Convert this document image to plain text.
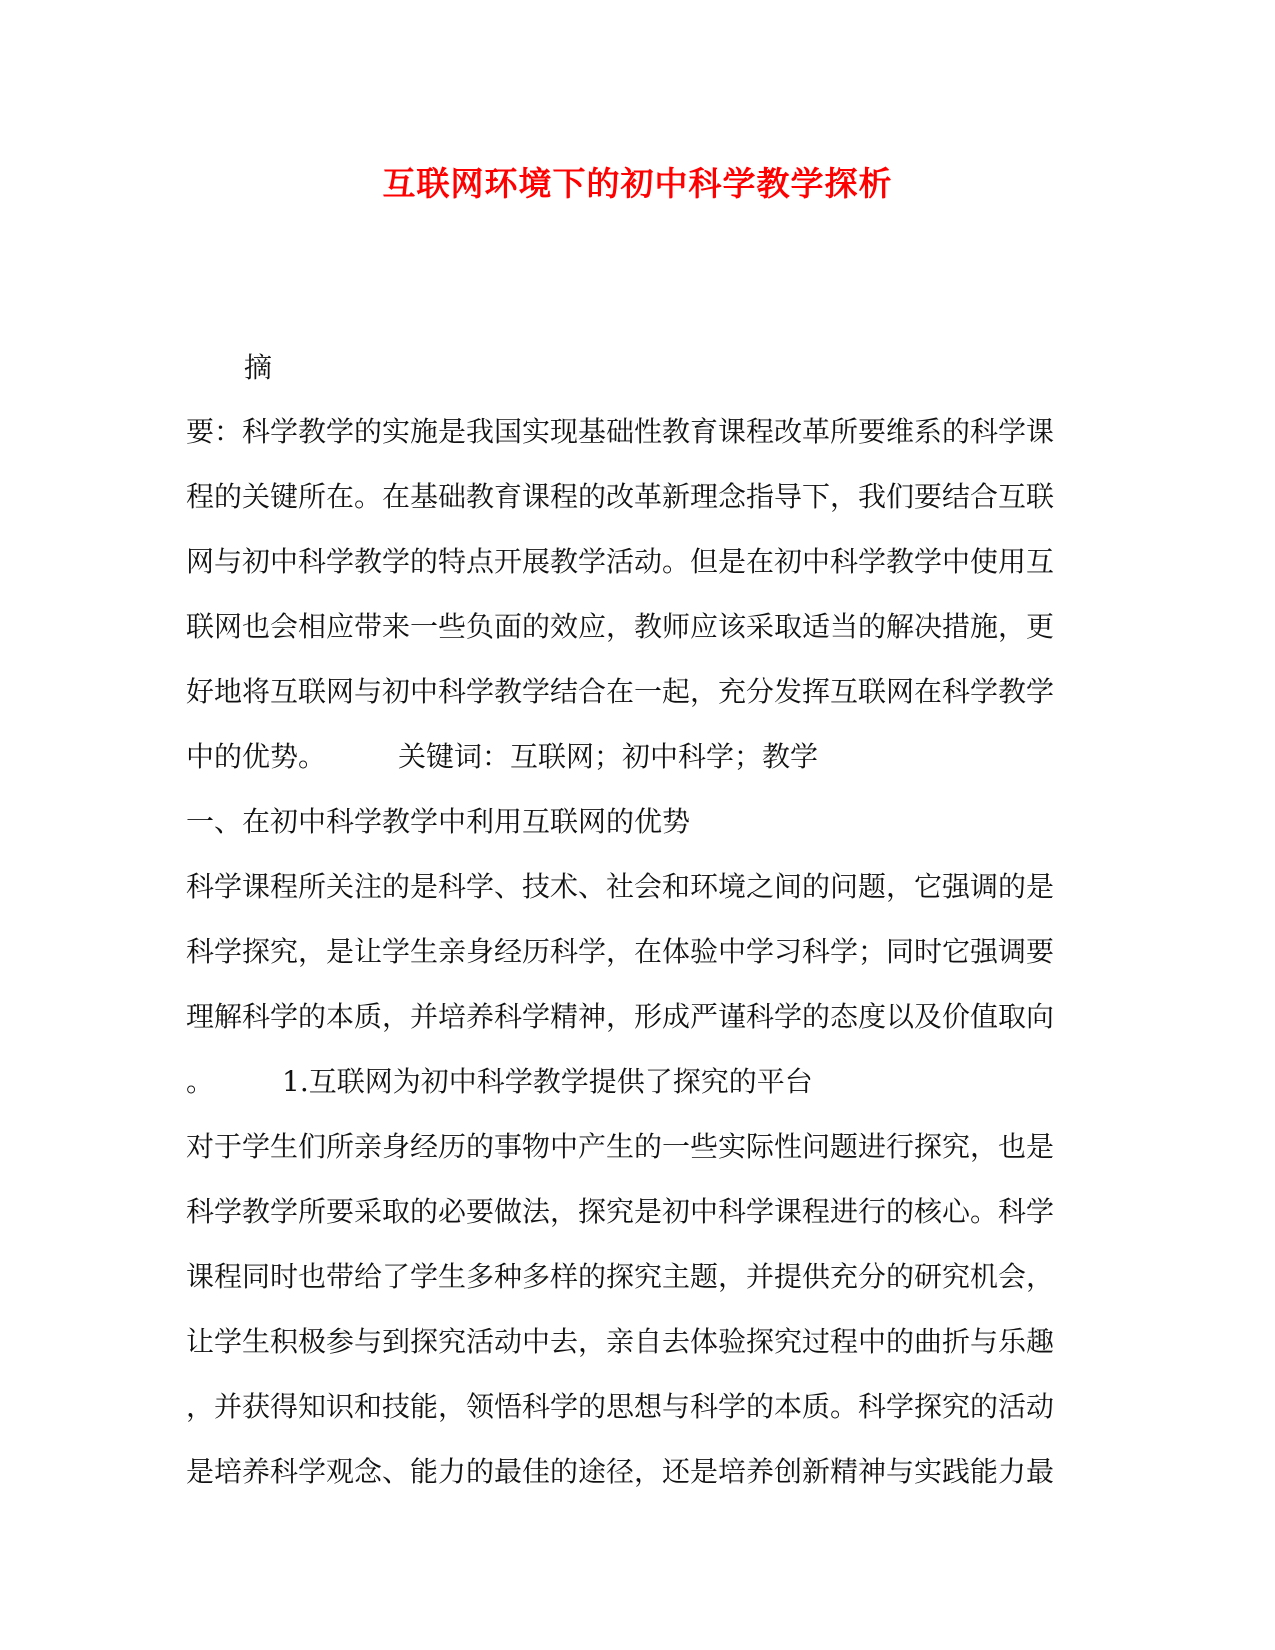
互联网环境下的初中科学教学探析
摘
要：科学教学的实施是我国实现基础性教育课程改革所要维系的科学课
程的关键所在。在基础教育课程的改革新理念指导下，我们要结合互联
网与初中科学教学的特点开展教学活动。但是在初中科学教学中使用互
联网也会相应带来一些负面的效应，教师应该采取适当的解决措施，更
好地将互联网与初中科学教学结合在一起，充分发挥互联网在科学教学
中的优势。	关键词：互联网；初中科学；教学
一、在初中科学教学中利用互联网的优势
科学课程所关注的是科学、技术、社会和环境之间的问题，它强调的是
科学探究，是让学生亲身经历科学，在体验中学习科学；同时它强调要
理解科学的本质，并培养科学精神，形成严谨科学的态度以及价值取向
。 1.互联网为初中科学教学提供了探究的平台
对于学生们所亲身经历的事物中产生的一些实际性问题进行探究，也是
科学教学所要采取的必要做法，探究是初中科学课程进行的核心。科学
课程同时也带给了学生多种多样的探究主题，并提供充分的研究机会，
让学生积极参与到探究活动中去，亲自去体验探究过程中的曲折与乐趣
，并获得知识和技能，领悟科学的思想与科学的本质。科学探究的活动
是培养科学观念、能力的最佳的途径，还是培养创新精神与实践能力最
